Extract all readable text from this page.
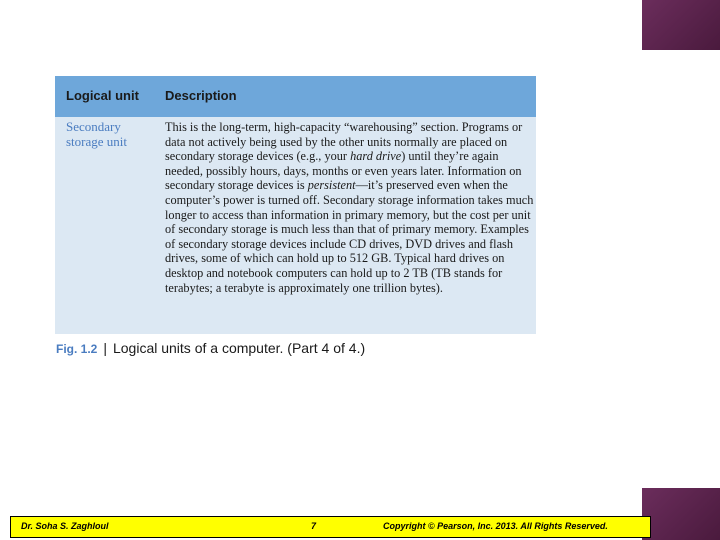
Logical unit Description
Secondary
storage unit
This is the long-term, high-capacity “warehousing” section. Programs or data not actively being used by the other units normally are placed on secondary storage devices (e.g., your hard drive) until they’re again needed, possibly hours, days, months or even years later. Information on secondary storage devices is persistent—it’s preserved even when the computer’s power is turned off. Secondary storage information takes much longer to access than information in primary memory, but the cost per unit of secondary storage is much less than that of primary memory. Examples of secondary storage devices include CD drives, DVD drives and flash drives, some of which can hold up to 512 GB. Typical hard drives on desktop and notebook computers can hold up to 2 TB (TB stands for terabytes; a terabyte is approximately one trillion bytes).
Fig. 1.2 | Logical units of a computer. (Part 4 of 4.)
Dr. Soha S. Zaghloul	7	Copyright © Pearson, Inc. 2013. All Rights Reserved.
